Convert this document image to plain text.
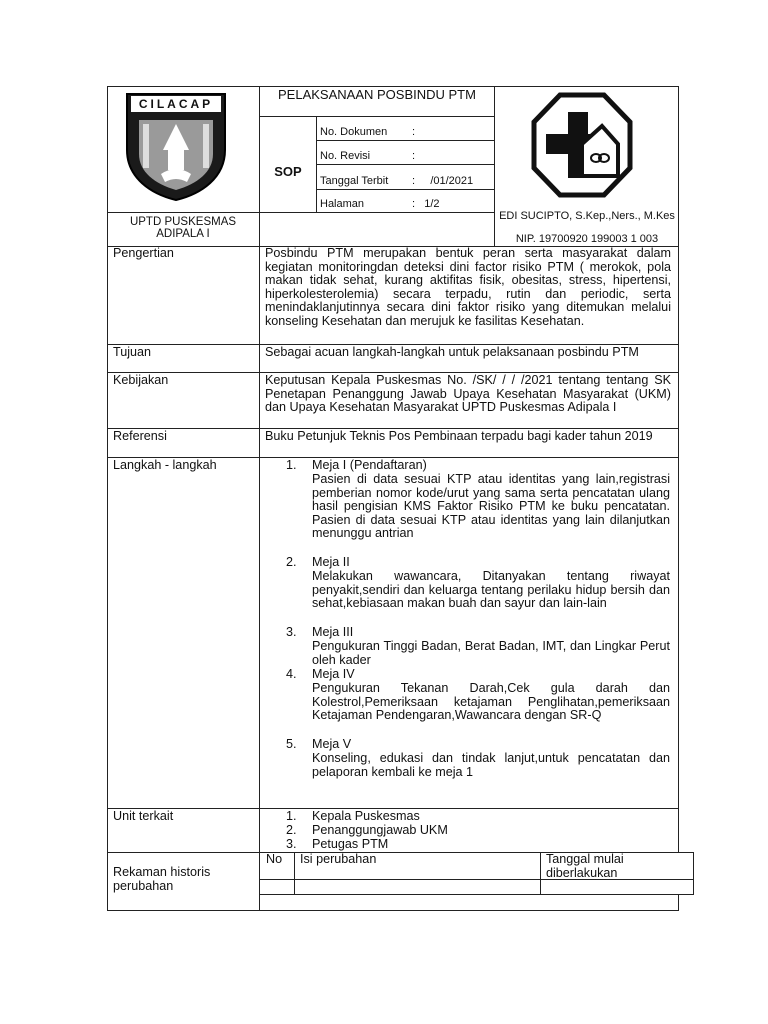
CILACAP
PELAKSANAAN POSBINDU PTM
SOP
No. Dokumen :
No. Revisi	:
Tanggal Terbit :     /01/2021
Halaman	:   1/2
UPTD PUSKESMAS ADIPALA I
EDI SUCIPTO, S.Kep.,Ners., M.Kes
NIP. 19700920 199003 1 003
Pengertian	Posbindu PTM merupakan bentuk peran serta masyarakat dalam kegiatan monitoringdan deteksi dini factor risiko PTM ( merokok, pola makan tidak sehat, kurang aktifitas fisik, obesitas, stress, hipertensi, hiperkolesterolemia) secara terpadu, rutin dan periodic, serta menindaklanjutinnya secara dini faktor risiko yang ditemukan melalui konseling Kesehatan dan merujuk ke fasilitas Kesehatan.
Tujuan	Sebagai acuan langkah-langkah untuk pelaksanaan posbindu PTM
Kebijakan	Keputusan Kepala Puskesmas No. /SK/ / / /2021 tentang tentang SK Penetapan Penanggung Jawab Upaya Kesehatan Masyarakat (UKM) dan Upaya Kesehatan Masyarakat UPTD Puskesmas Adipala I
Referensi	Buku Petunjuk Teknis Pos Pembinaan terpadu bagi kader tahun 2019
Langkah - langkah	1. Meja I (Pendaftaran)
Pasien di data sesuai KTP atau identitas yang lain,registrasi pemberian nomor kode/urut yang sama serta pencatatan ulang hasil pengisian KMS Faktor Risiko PTM ke buku pencatatan. Pasien di data sesuai KTP atau identitas yang lain dilanjutkan menunggu antrian
2. Meja II
Melakukan wawancara, Ditanyakan tentang riwayat penyakit,sendiri dan keluarga tentang perilaku hidup bersih dan sehat,kebiasaan makan buah dan sayur dan lain-lain
3. Meja III
Pengukuran Tinggi Badan, Berat Badan, IMT, dan Lingkar Perut oleh kader
4. Meja IV
Pengukuran Tekanan Darah,Cek gula darah dan Kolestrol,Pemeriksaan ketajaman Penglihatan,pemeriksaan Ketajaman Pendengaran,Wawancara dengan SR-Q
5. Meja V
Konseling, edukasi dan tindak lanjut,untuk pencatatan dan pelaporan kembali ke meja 1
Unit terkait	1. Kepala Puskesmas
2. Penanggungjawab UKM
3. Petugas PTM
Rekaman historis perubahan
No Isi perubahan	Tanggal mulai diberlakukan
